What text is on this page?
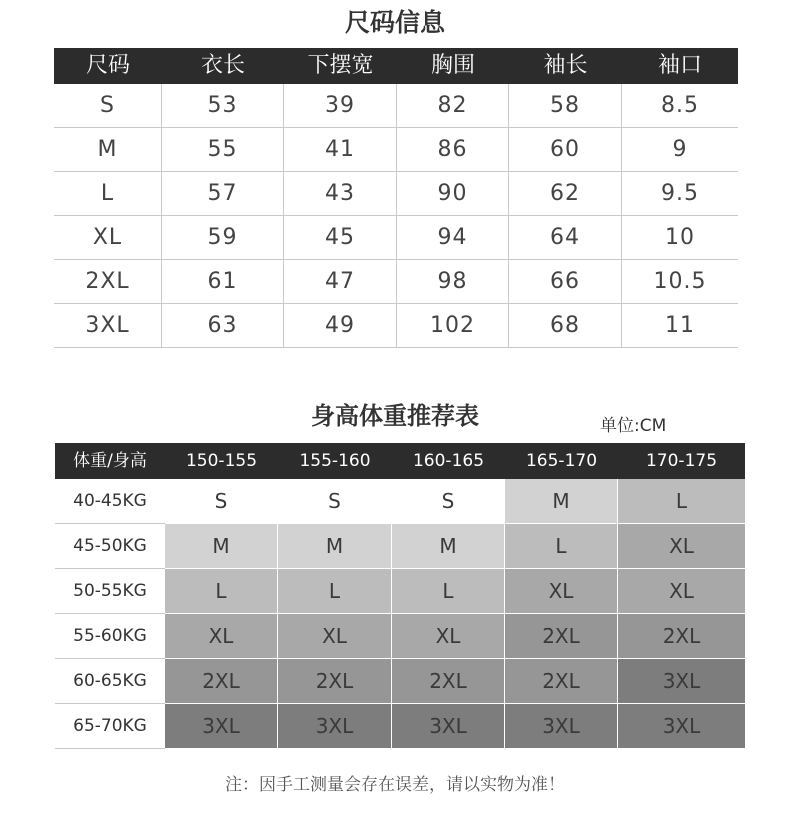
尺码信息
尺码	衣长	下摆宽	胸围	袖长	袖口
S	53	39	82	58	8.5
M	55	41	86	60	9
L	57	43	90	62	9.5
XL	59	45	94	64	10
2XL	61	47	98	66	10.5
3XL	63	49	102	68	11
身高体重推荐表	单位:CM
体重/身高	150-155	155-160	160-165	165-170	170-175
40-45KG	S	S	S	M	L
45-50KG	M	M	M	L	XL
50-55KG	L	L	L	XL	XL
55-60KG	XL	XL	XL	2XL	2XL
60-65KG	2XL	2XL	2XL	2XL	3XL
65-70KG	3XL	3XL	3XL	3XL	3XL
注：因手工测量会存在误差，请以实物为准！
